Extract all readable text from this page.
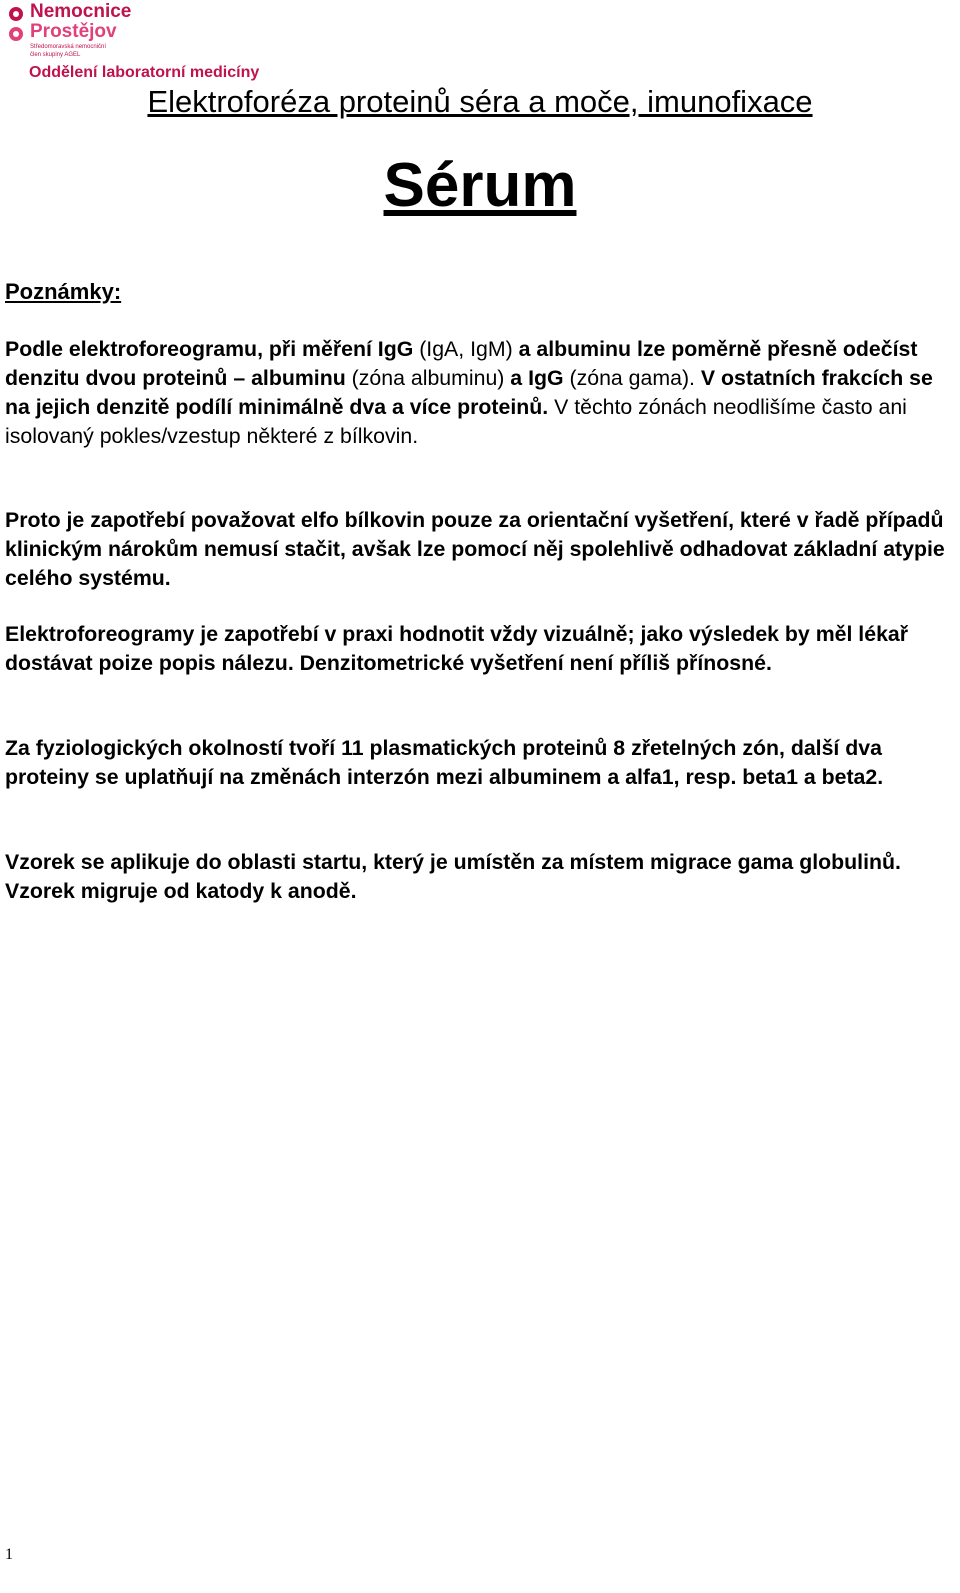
Nemocnice
Prostějov
Středomoravská nemocniční
člen skupiny AGEL
Oddělení laboratorní medicíny
Elektroforéza proteinů séra a moče, imunofixace
Sérum
Poznámky:

Podle elektroforeogramu, při měření IgG (IgA, IgM) a albuminu lze poměrně přesně odečíst denzitu dvou proteinů – albuminu (zóna albuminu) a IgG (zóna gama). V ostatních frakcích se na jejich denzitě podílí minimálně dva a více proteinů. V těchto zónách neodlišíme často ani isolovaný pokles/vzestup některé z bílkovin.

Proto je zapotřebí považovat elfo bílkovin pouze za orientační vyšetření, které v řadě případů klinickým nárokům nemusí stačit, avšak lze pomocí něj spolehlivě odhadovat základní atypie celého systému.

Elektroforeogramy je zapotřebí v praxi hodnotit vždy vizuálně; jako výsledek by měl lékař dostávat poize popis nálezu. Denzitometrické vyšetření není příliš přínosné.

Za fyziologických okolností tvoří 11 plasmatických proteinů 8 zřetelných zón, další dva proteiny se uplatňují na změnách interzón mezi albuminem a alfa1, resp. beta1 a beta2.

Vzorek se aplikuje do oblasti startu, který je umístěn za místem migrace gama globulinů. Vzorek migruje od katody k anodě.

1
